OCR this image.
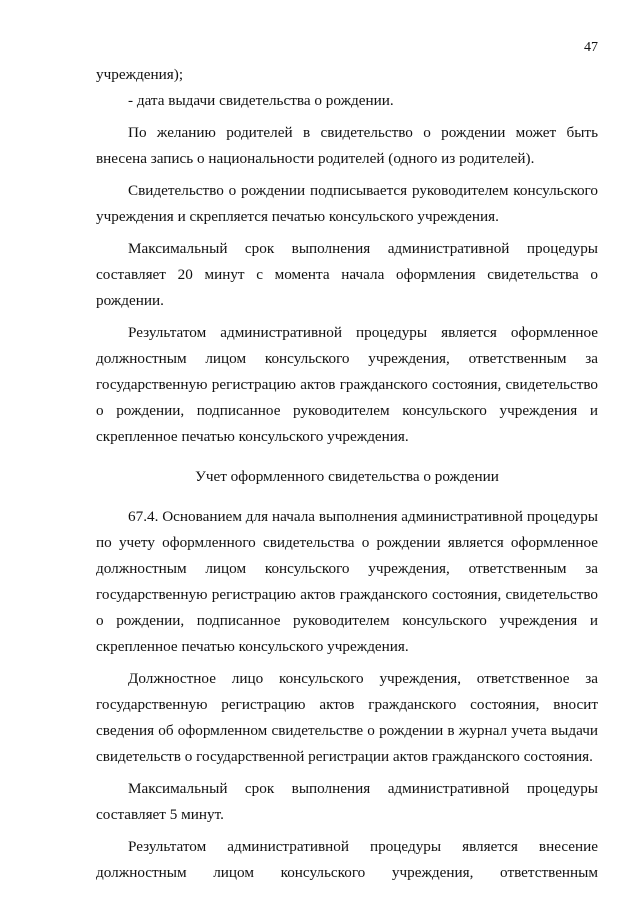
47

учреждения);

- дата выдачи свидетельства о рождении.

По желанию родителей в свидетельство о рождении может быть внесена запись о национальности родителей (одного из родителей).

Свидетельство о рождении подписывается руководителем консульского учреждения и скрепляется печатью консульского учреждения.

Максимальный срок выполнения административной процедуры составляет 20 минут с момента начала оформления свидетельства о рождении.

Результатом административной процедуры является оформленное должностным лицом консульского учреждения, ответственным за государственную регистрацию актов гражданского состояния, свидетельство о рождении, подписанное руководителем консульского учреждения и скрепленное печатью консульского учреждения.

Учет оформленного свидетельства о рождении

67.4. Основанием для начала выполнения административной процедуры по учету оформленного свидетельства о рождении является оформленное должностным лицом консульского учреждения, ответственным за государственную регистрацию актов гражданского состояния, свидетельство о рождении, подписанное руководителем консульского учреждения и скрепленное печатью консульского учреждения.

Должностное лицо консульского учреждения, ответственное за государственную регистрацию актов гражданского состояния, вносит сведения об оформленном свидетельстве о рождении в журнал учета выдачи свидетельств о государственной регистрации актов гражданского состояния.

Максимальный срок выполнения административной процедуры составляет 5 минут.

Результатом административной процедуры является внесение должностным лицом консульского учреждения, ответственным
